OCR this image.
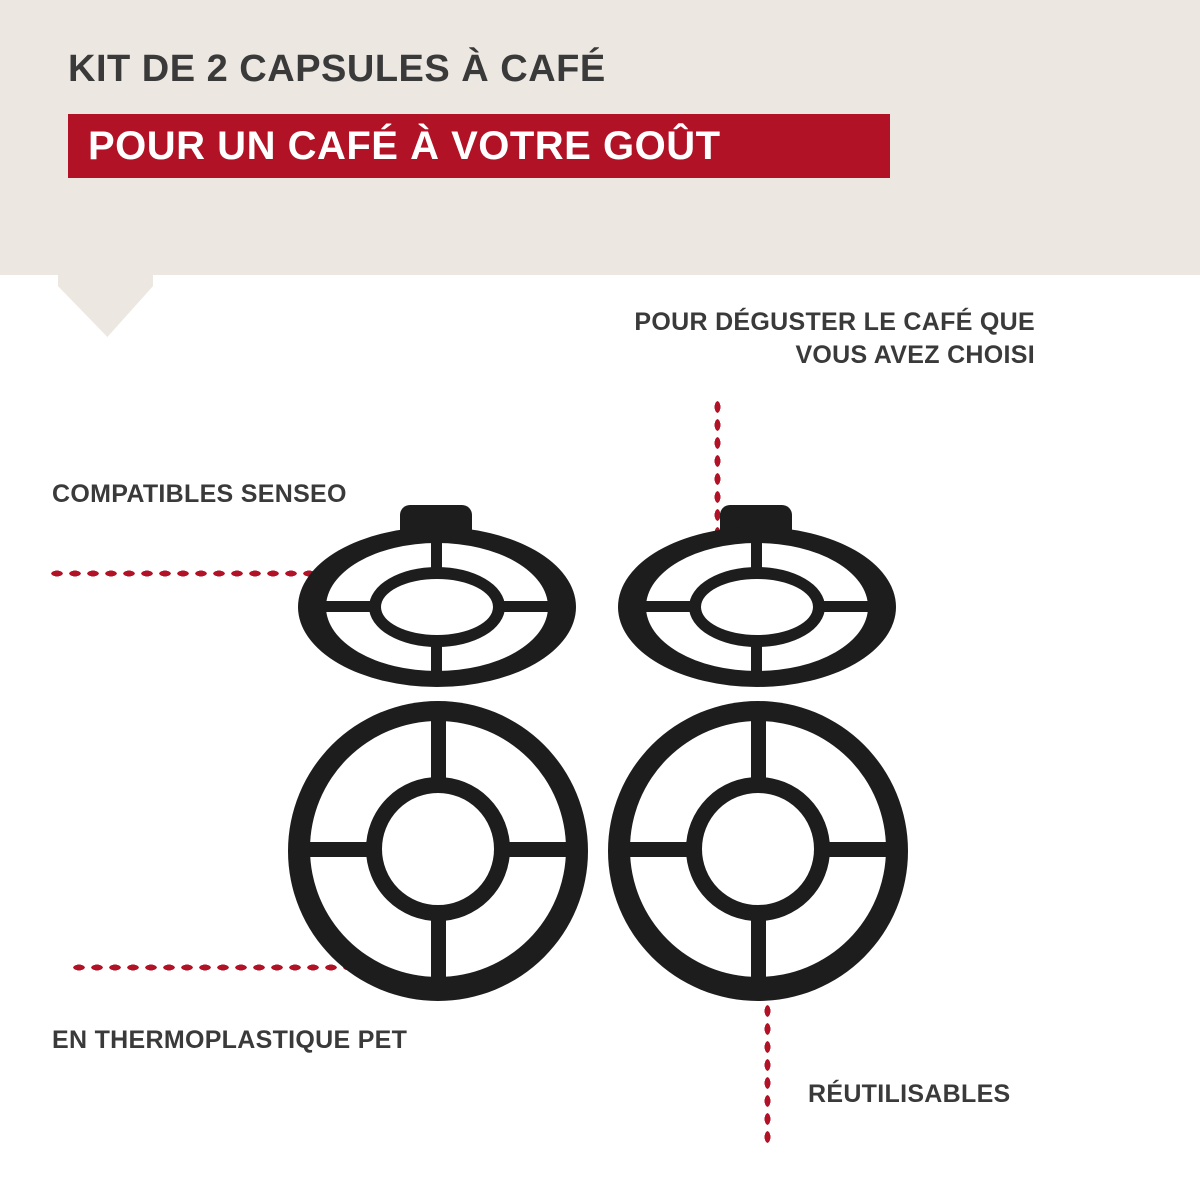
KIT DE 2 CAPSULES À CAFÉ
POUR UN CAFÉ À VOTRE GOÛT
POUR DÉGUSTER LE CAFÉ QUE VOUS AVEZ CHOISI
COMPATIBLES SENSEO
EN THERMOPLASTIQUE PET
RÉUTILISABLES
